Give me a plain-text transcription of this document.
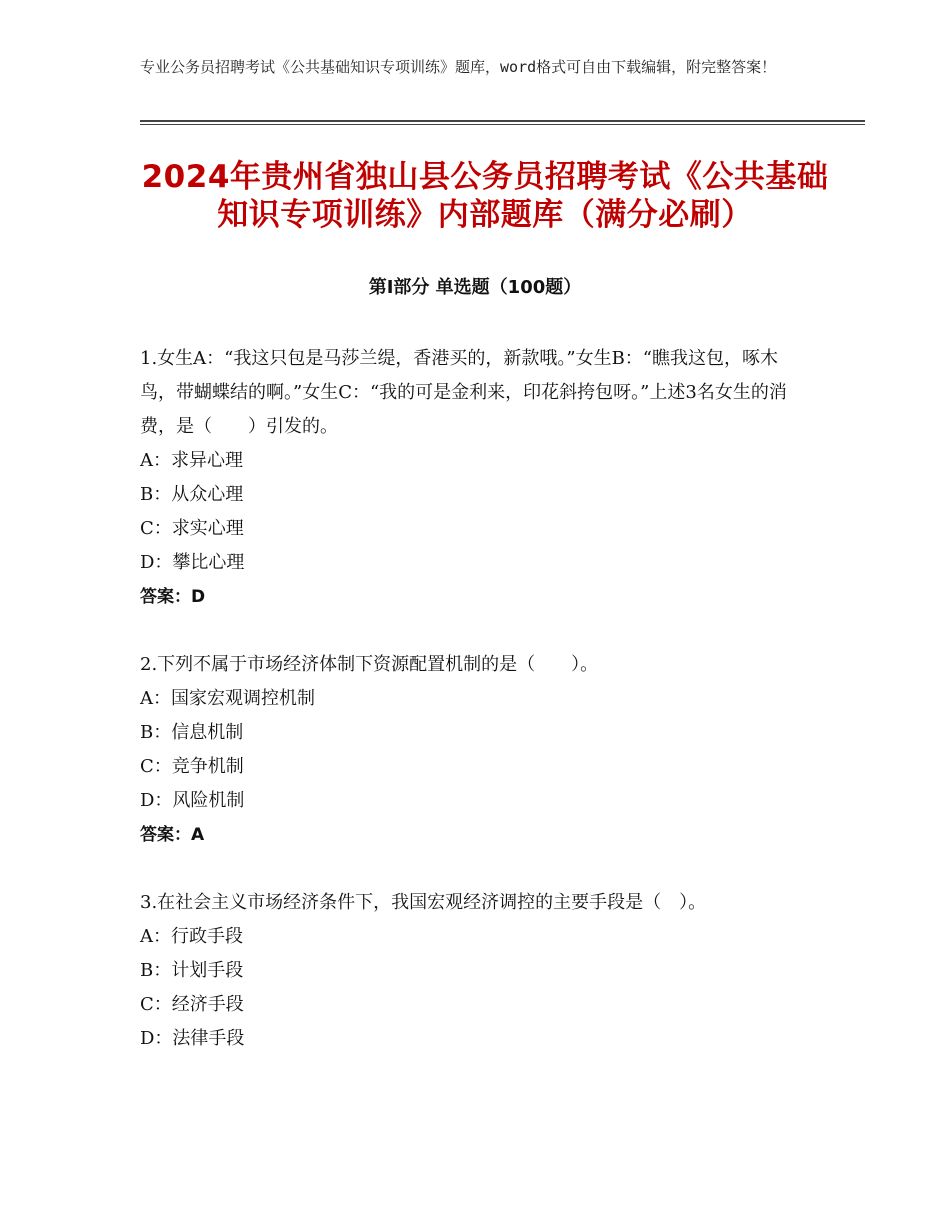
专业公务员招聘考试《公共基础知识专项训练》题库，word格式可自由下载编辑，附完整答案！
2024年贵州省独山县公务员招聘考试《公共基础知识专项训练》内部题库（满分必刷）
第Ⅰ部分 单选题（100题）
1.女生A：“我这只包是马莎兰缇，香港买的，新款哦。”女生B：“瞧我这包，啄木鸟，带蝴蝶结的啊。”女生C：“我的可是金利来，印花斜挎包呀。”上述3名女生的消费，是（　　）引发的。
A：求异心理
B：从众心理
C：求实心理
D：攀比心理
答案：D
2.下列不属于市场经济体制下资源配置机制的是（　　）。
A：国家宏观调控机制
B：信息机制
C：竞争机制
D：风险机制
答案：A
3.在社会主义市场经济条件下，我国宏观经济调控的主要手段是（　）。
A：行政手段
B：计划手段
C：经济手段
D：法律手段
